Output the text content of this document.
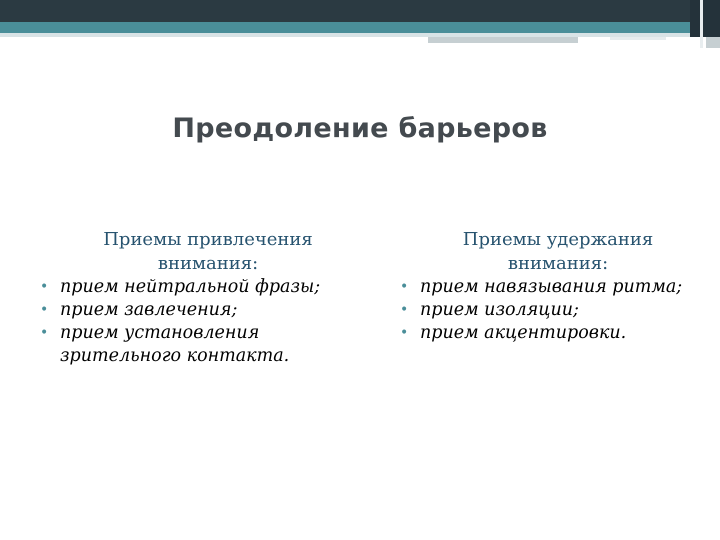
Преодоление барьеров

Приемы привлечения внимания:

• прием нейтральной фразы;
• прием завлечения;
• прием установления зрительного контакта.

Приемы удержания внимания:

• прием навязывания ритма;
• прием изоляции;
• прием акцентировки.
